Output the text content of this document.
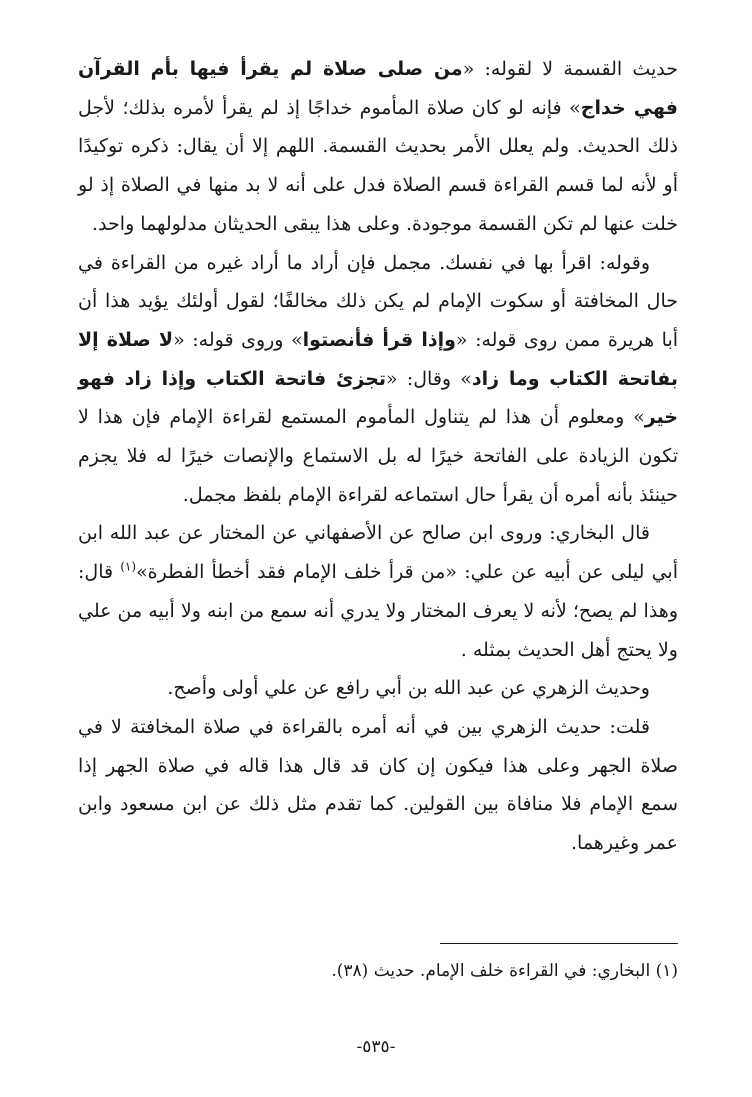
حديث القسمة لا لقوله: «من صلى صلاة لم يقرأ فيها بأم القرآن فهي خداج» فإنه لو كان صلاة المأموم خداجًا إذ لم يقرأ لأمره بذلك؛ لأجل ذلك الحديث. ولم يعلل الأمر بحديث القسمة. اللهم إلا أن يقال: ذكره توكيدًا أو لأنه لما قسم القراءة قسم الصلاة فدل على أنه لا بد منها في الصلاة إذ لو خلت عنها لم تكن القسمة موجودة. وعلى هذا يبقى الحديثان مدلولهما واحد.

وقوله: اقرأ بها في نفسك. مجمل فإن أراد ما أراد غيره من القراءة في حال المخافتة أو سكوت الإمام لم يكن ذلك مخالفًا؛ لقول أولئك يؤيد هذا أن أبا هريرة ممن روى قوله: «وإذا قرأ فأنصتوا» وروى قوله: «لا صلاة إلا بفاتحة الكتاب وما زاد» وقال: «تجزئ فاتحة الكتاب وإذا زاد فهو خير» ومعلوم أن هذا لم يتناول المأموم المستمع لقراءة الإمام فإن هذا لا تكون الزيادة على الفاتحة خيرًا له بل الاستماع والإنصات خيرًا له فلا يجزم حينئذ بأنه أمره أن يقرأ حال استماعه لقراءة الإمام بلفظ مجمل.

قال البخاري: وروى ابن صالح عن الأصفهاني عن المختار عن عبد الله ابن أبي ليلى عن أبيه عن علي: «من قرأ خلف الإمام فقد أخطأ الفطرة»$^{(١)}$ قال: وهذا لم يصح؛ لأنه لا يعرف المختار ولا يدري أنه سمع من ابنه ولا أبيه من علي ولا يحتج أهل الحديث بمثله .

وحديث الزهري عن عبد الله بن أبي رافع عن علي أولى وأصح.

قلت: حديث الزهري بين في أنه أمره بالقراءة في صلاة المخافتة لا في صلاة الجهر وعلى هذا فيكون إن كان قد قال هذا قاله في صلاة الجهر إذا سمع الإمام فلا منافاة بين القولين. كما تقدم مثل ذلك عن ابن مسعود وابن عمر وغيرهما.

(١) البخاري: في القراءة خلف الإمام. حديث (٣٨).
-٥٣٥-
